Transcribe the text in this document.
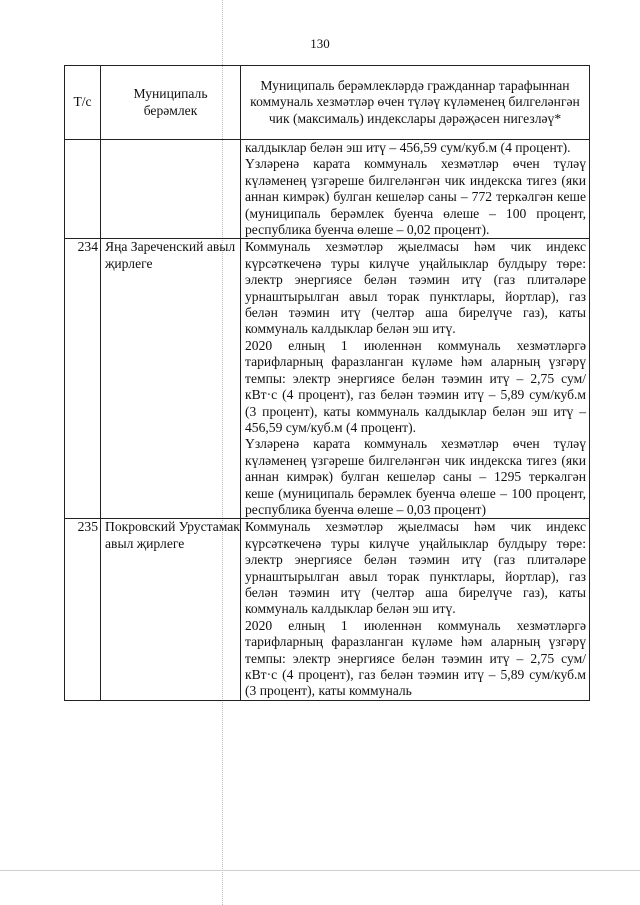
130
Т/с	Муниципаль берәмлек	Муниципаль берәмлекләрдә гражданнар тарафыннан коммуналь хезмәтләр өчен түләү күләменең билгеләнгән чик (максималь) индекслары дәрәҗәсен нигезләү*

		калдыклар белән эш итү – 456,59 сум/куб.м (4 процент).
Үзләренә карата коммуналь хезмәтләр өчен түләү күләменең үзгәреше билгеләнгән чик индекска тигез (яки аннан кимрәк) булган кешеләр саны – 772 теркәлгән кеше (муниципаль берәмлек буенча өлеше – 100 процент, республика буенча өлеше – 0,02 процент).

234	Яңа Зареченский авыл җирлеге	Коммуналь хезмәтләр җыелмасы һәм чик индекс күрсәткеченә туры килүче уңайлыклар булдыру төре: электр энергиясе белән тәэмин итү (газ плитәләре урнаштырылган авыл торак пунктлары, йортлар), газ белән тәэмин итү (челтәр аша бирелүче газ), каты коммуналь калдыклар белән эш итү.
2020 елның 1 июленнән коммуналь хезмәтләргә тарифларның фаразланган күләме һәм аларның үзгәрү темпы: электр энергиясе белән тәэмин итү – 2,75 сум/кВт·с (4 процент), газ белән тәэмин итү – 5,89 сум/куб.м (3 процент), каты коммуналь калдыклар белән эш итү – 456,59 сум/куб.м (4 процент).
Үзләренә карата коммуналь хезмәтләр өчен түләү күләменең үзгәреше билгеләнгән чик индекска тигез (яки аннан кимрәк) булган кешеләр саны – 1295 теркәлгән кеше (муниципаль берәмлек буенча өлеше – 100 процент, республика буенча өлеше – 0,03 процент)

235	Покровский Урустамак авыл җирлеге	Коммуналь хезмәтләр җыелмасы һәм чик индекс күрсәткеченә туры килүче уңайлыклар булдыру төре: электр энергиясе белән тәэмин итү (газ плитәләре урнаштырылган авыл торак пунктлары, йортлар), газ белән тәэмин итү (челтәр аша бирелүче газ), каты коммуналь калдыклар белән эш итү.
2020 елның 1 июленнән коммуналь хезмәтләргә тарифларның фаразланган күләме һәм аларның үзгәрү темпы: электр энергиясе белән тәэмин итү – 2,75 сум/кВт·с (4 процент), газ белән тәэмин итү – 5,89 сум/куб.м (3 процент), каты коммуналь
